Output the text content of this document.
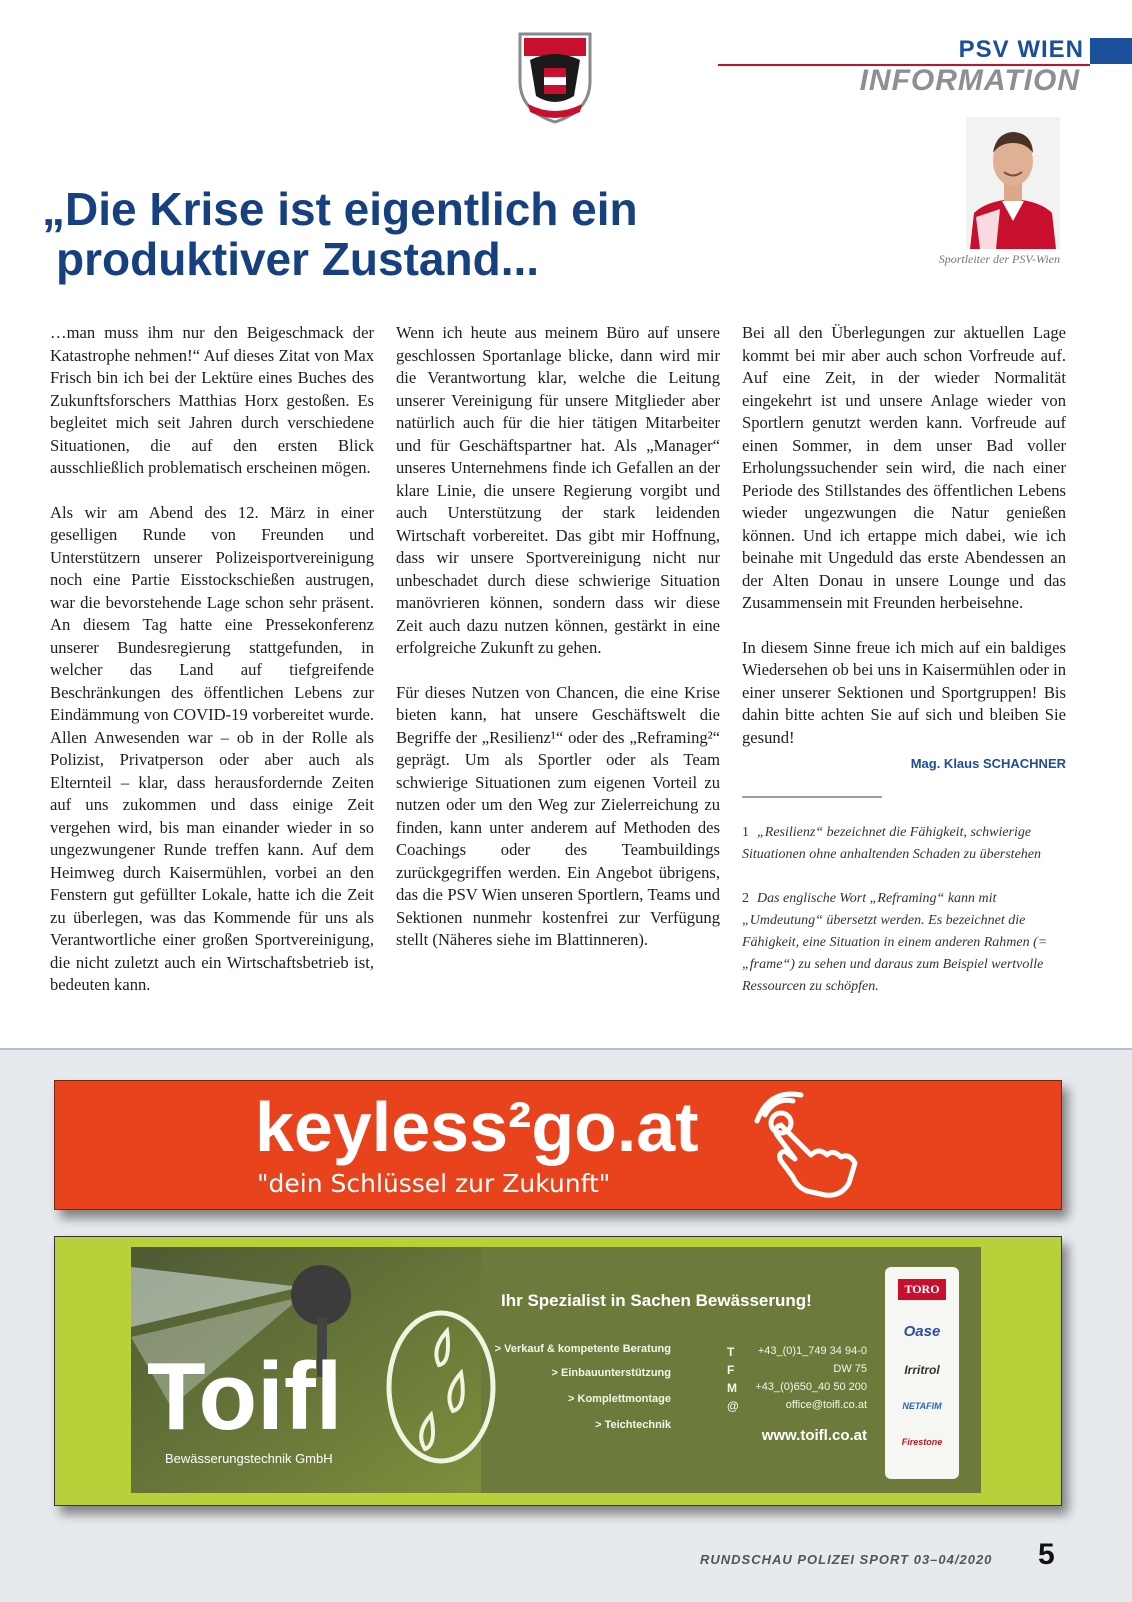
PSV WIEN
INFORMATION
Sportleiter der PSV-Wien
„Die Krise ist eigentlich ein
produktiver Zustand...

…man muss ihm nur den Beigeschmack der Katastrophe nehmen!“ Auf dieses Zitat von Max Frisch bin ich bei der Lektüre eines Buches des Zukunftsforschers Matthias Horx gestoßen. Es begleitet mich seit Jahren durch verschiedene Situationen, die auf den ersten Blick ausschließlich problematisch erscheinen mögen.

Als wir am Abend des 12. März in einer geselligen Runde von Freunden und Unterstützern unserer Polizeisportvereinigung noch eine Partie Eisstockschießen austrugen, war die bevorstehende Lage schon sehr präsent. An diesem Tag hatte eine Pressekonferenz unserer Bundesregierung stattgefunden, in welcher das Land auf tiefgreifende Beschränkungen des öffentlichen Lebens zur Eindämmung von COVID-19 vorbereitet wurde. Allen Anwesenden war – ob in der Rolle als Polizist, Privatperson oder aber auch als Elternteil – klar, dass herausfordernde Zeiten auf uns zukommen und dass einige Zeit vergehen wird, bis man einander wieder in so ungezwungener Runde treffen kann. Auf dem Heimweg durch Kaisermühlen, vorbei an den Fenstern gut gefüllter Lokale, hatte ich die Zeit zu überlegen, was das Kommende für uns als Verantwortliche einer großen Sportvereinigung, die nicht zuletzt auch ein Wirtschaftsbetrieb ist, bedeuten kann.

Wenn ich heute aus meinem Büro auf unsere geschlossen Sportanlage blicke, dann wird mir die Verantwortung klar, welche die Leitung unserer Vereinigung für unsere Mitglieder aber natürlich auch für die hier tätigen Mitarbeiter und für Geschäftspartner hat. Als „Manager“ unseres Unternehmens finde ich Gefallen an der klare Linie, die unsere Regierung vorgibt und auch Unterstützung der stark leidenden Wirtschaft vorbereitet. Das gibt mir Hoffnung, dass wir unsere Sportvereinigung nicht nur unbeschadet durch diese schwierige Situation manövrieren können, sondern dass wir diese Zeit auch dazu nutzen können, gestärkt in eine erfolgreiche Zukunft zu gehen.

Für dieses Nutzen von Chancen, die eine Krise bieten kann, hat unsere Geschäftswelt die Begriffe der „Resilienz¹“ oder des „Reframing²“ geprägt. Um als Sportler oder als Team schwierige Situationen zum eigenen Vorteil zu nutzen oder um den Weg zur Zielerreichung zu finden, kann unter anderem auf Methoden des Coachings oder des Teambuildings zurückgegriffen werden. Ein Angebot übrigens, das die PSV Wien unseren Sportlern, Teams und Sektionen nunmehr kostenfrei zur Verfügung stellt (Näheres siehe im Blattinneren).

Bei all den Überlegungen zur aktuellen Lage kommt bei mir aber auch schon Vorfreude auf. Auf eine Zeit, in der wieder Normalität eingekehrt ist und unsere Anlage wieder von Sportlern genutzt werden kann. Vorfreude auf einen Sommer, in dem unser Bad voller Erholungssuchender sein wird, die nach einer Periode des Stillstandes des öffentlichen Lebens wieder ungezwungen die Natur genießen können. Und ich ertappe mich dabei, wie ich beinahe mit Ungeduld das erste Abendessen an der Alten Donau in unsere Lounge und das Zusammensein mit Freunden herbeisehne.

In diesem Sinne freue ich mich auf ein baldiges Wiedersehen ob bei uns in Kaisermühlen oder in einer unserer Sektionen und Sportgruppen! Bis dahin bitte achten Sie auf sich und bleiben Sie gesund!

Mag. Klaus SCHACHNER

1 „Resilienz“ bezeichnet die Fähigkeit, schwierige Situationen ohne anhaltenden Schaden zu überstehen

2 Das englische Wort „Reframing“ kann mit „Umdeutung“ übersetzt werden. Es bezeichnet die Fähigkeit, eine Situation in einem anderen Rahmen (= „frame“) zu sehen und daraus zum Beispiel wertvolle Ressourcen zu schöpfen.

keyless²go.at
"dein Schlüssel zur Zukunft"
Toifl
Bewässerungstechnik GmbH
Ihr Spezialist in Sachen Bewässerung!
> Verkauf & kompetente Beratung
> Einbauunterstützung
> Komplettmontage
> Teichtechnik
T	+43_(0)1_749 34 94-0
F	DW 75
M	+43_(0)650_40 50 200
@	office@toifl.co.at
www.toifl.co.at
TORO
Oase
Irritrol
NETAFIM
Firestone
RUNDSCHAU POLIZEI SPORT 03–04/2020 5
